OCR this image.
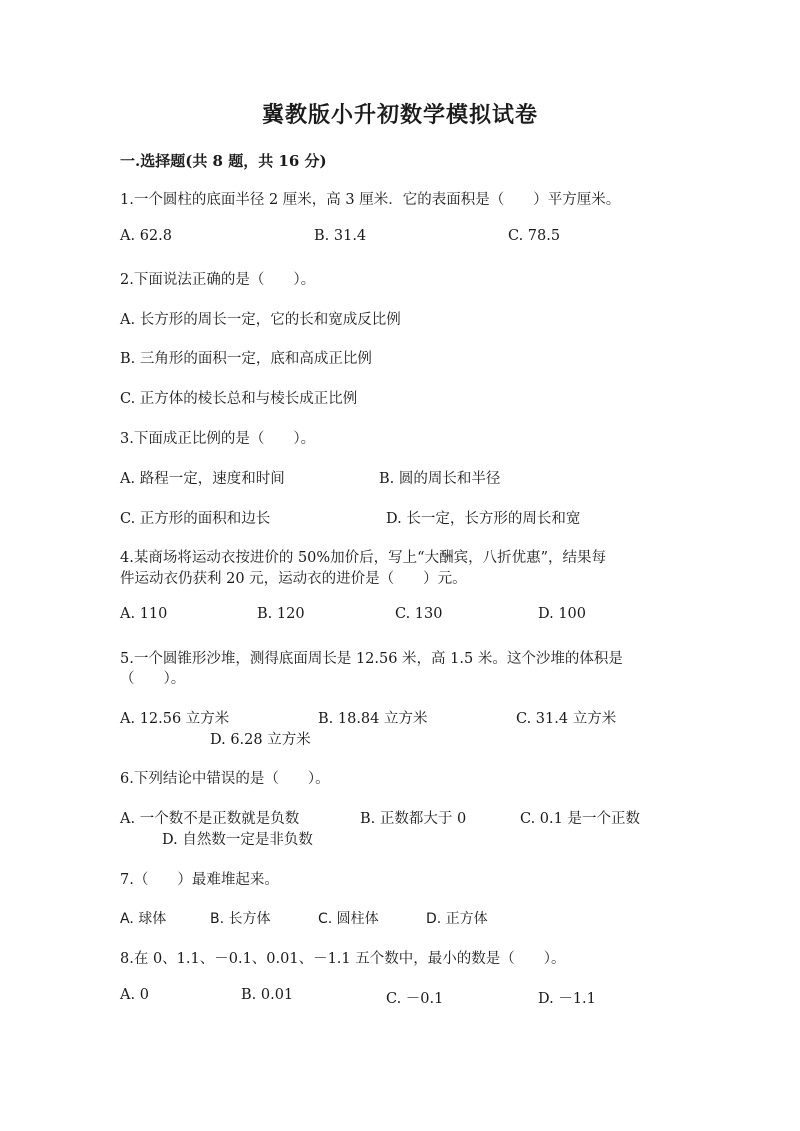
冀教版小升初数学模拟试卷
一.选择题(共 8 题，共 16 分)
1.一个圆柱的底面半径 2 厘米，高 3 厘米．它的表面积是（　　）平方厘米。
A. 62.8	B. 31.4	C. 78.5
2.下面说法正确的是（　　）。
A. 长方形的周长一定，它的长和宽成反比例
B. 三角形的面积一定，底和高成正比例
C. 正方体的棱长总和与棱长成正比例
3.下面成正比例的是（　　）。
A. 路程一定，速度和时间	B. 圆的周长和半径
C. 正方形的面积和边长	D. 长一定，长方形的周长和宽
4.某商场将运动衣按进价的 50%加价后，写上“大酬宾，八折优惠”，结果每
件运动衣仍获利 20 元，运动衣的进价是（　　）元。
A. 110	B. 120	C. 130	D. 100
5.一个圆锥形沙堆，测得底面周长是 12.56 米，高 1.5 米。这个沙堆的体积是
（　　）。
A. 12.56 立方米	B. 18.84 立方米	C. 31.4 立方米
D. 6.28 立方米
6.下列结论中错误的是（　　）。
A. 一个数不是正数就是负数	B. 正数都大于 0	C. 0.1 是一个正数
D. 自然数一定是非负数
7.（　　）最难堆起来。
A. 球体	B. 长方体	C. 圆柱体	D. 正方体
8.在 0、1.1、－0.1、0.01、－1.1 五个数中，最小的数是（　　）。
A. 0	B. 0.01	C. －0.1	D. －1.1
